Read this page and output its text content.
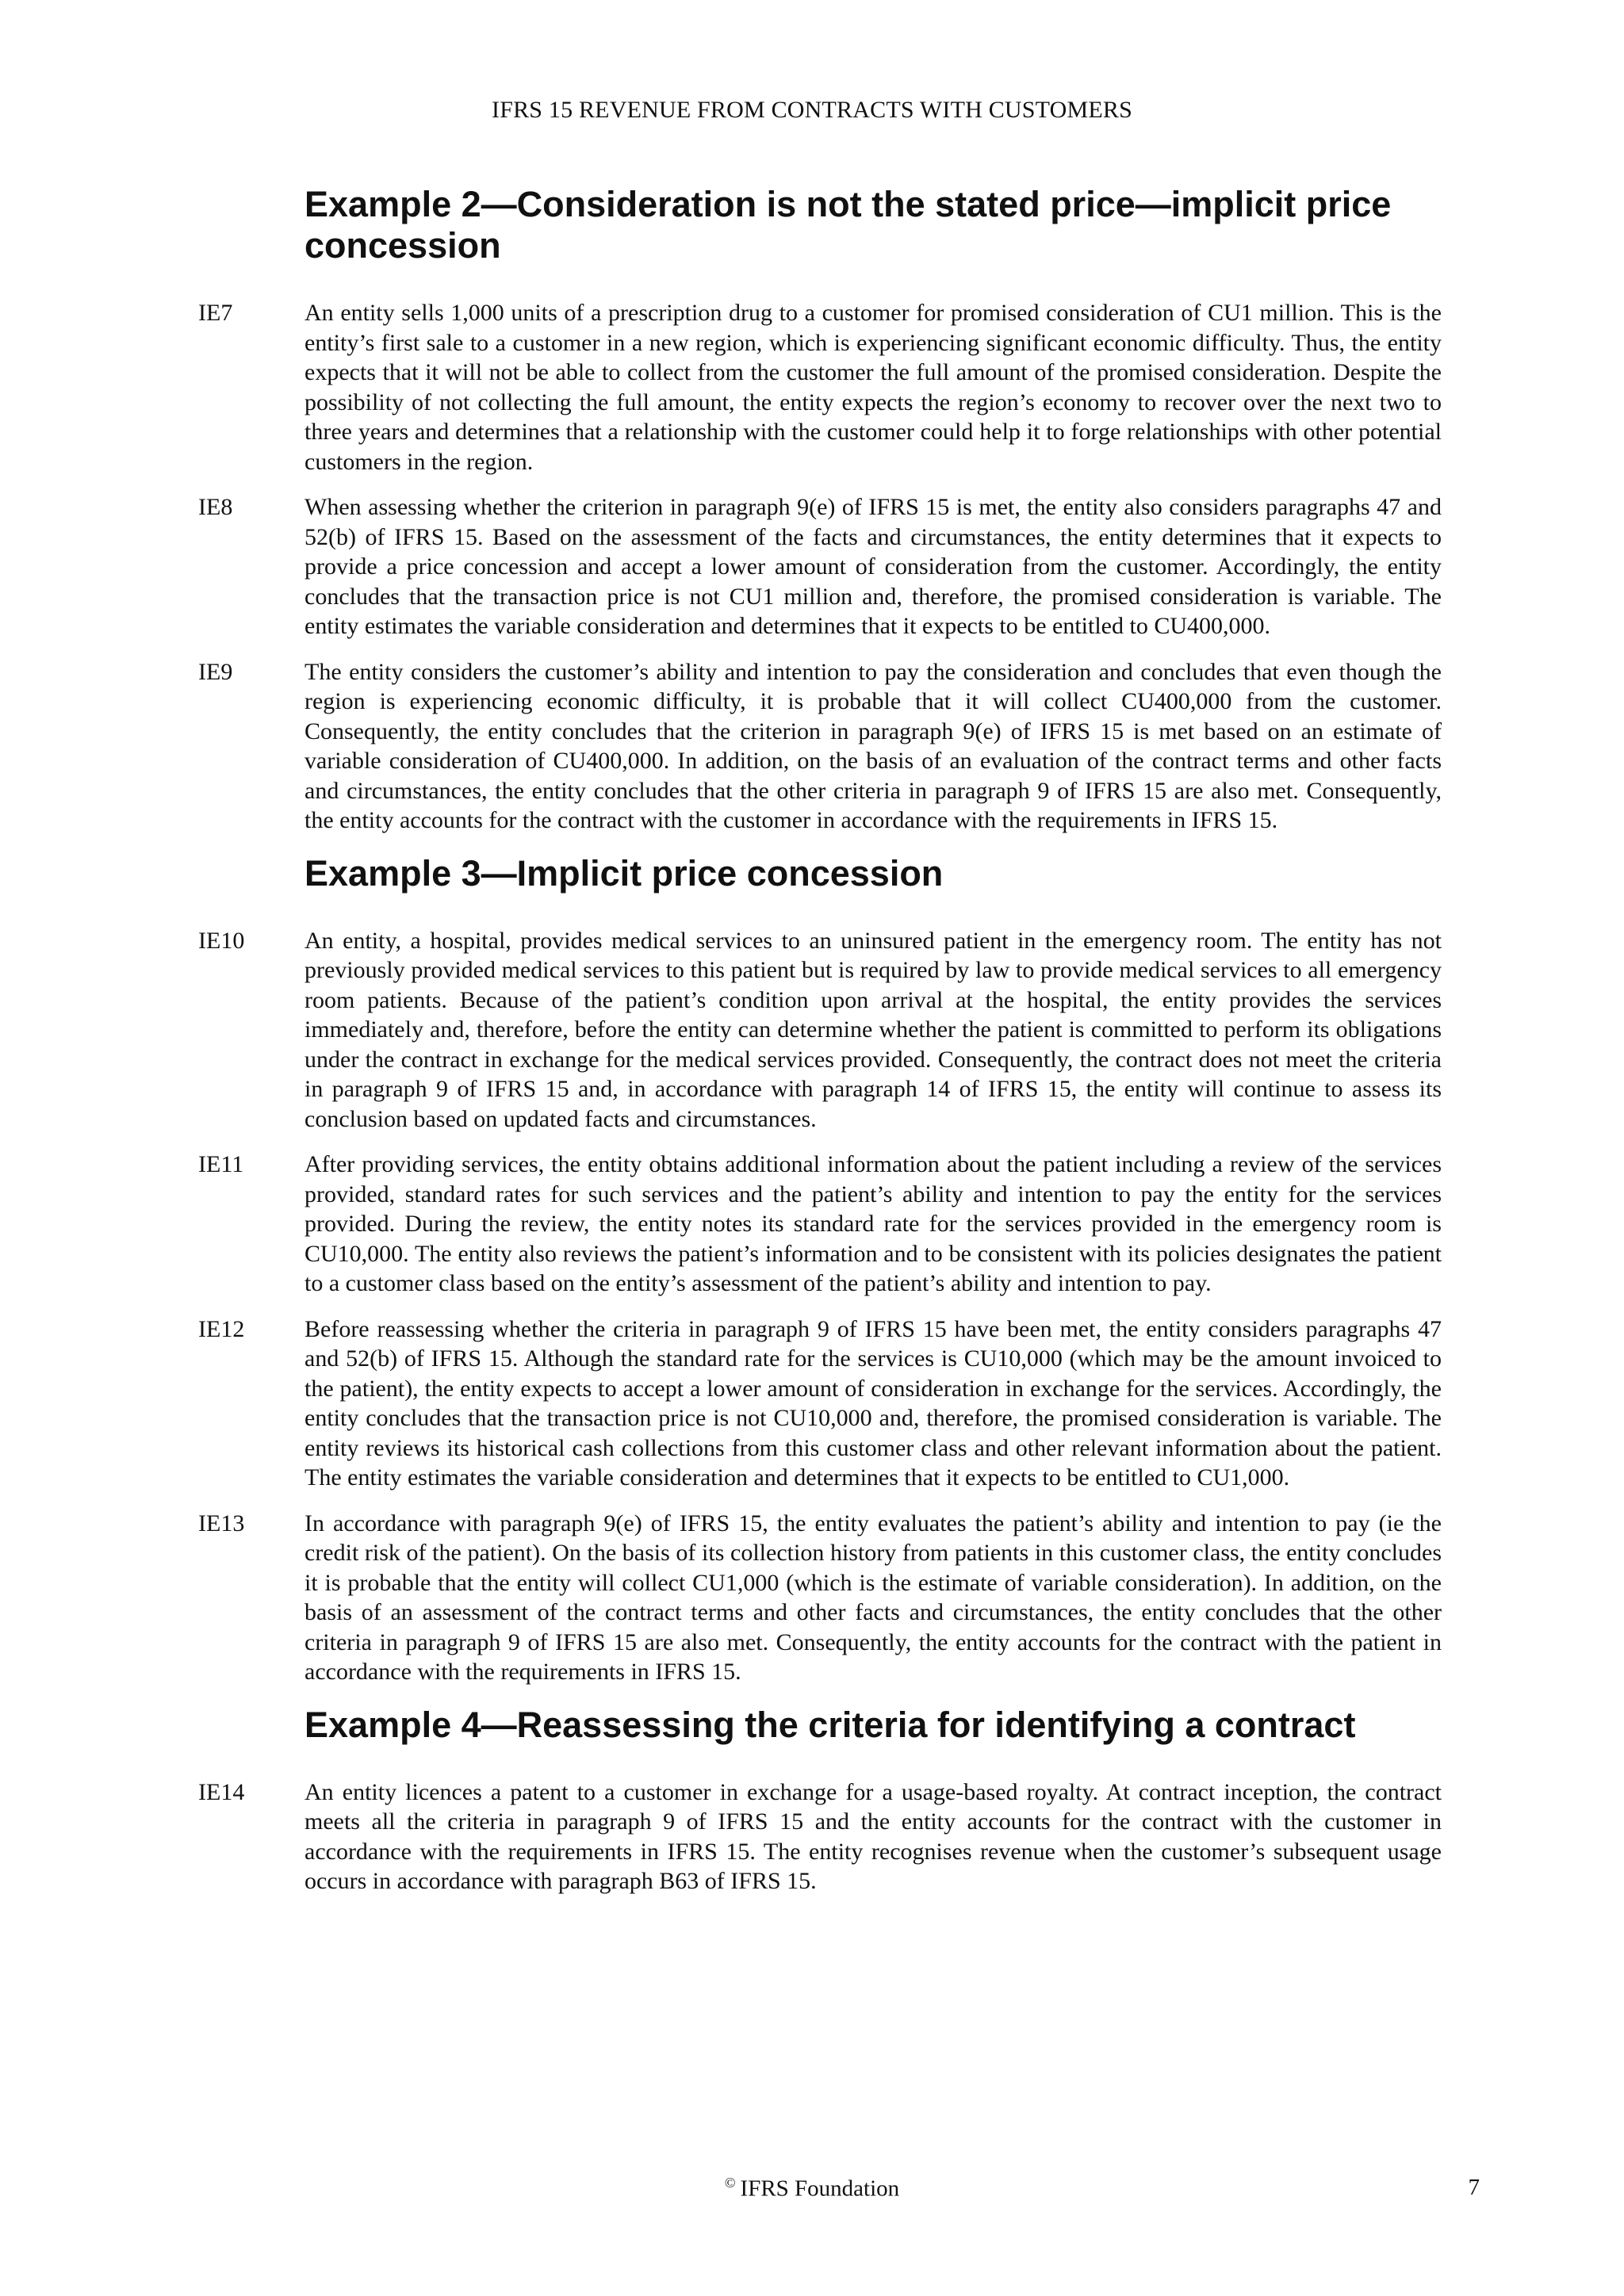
IFRS 15 REVENUE FROM CONTRACTS WITH CUSTOMERS
Example 2—Consideration is not the stated price—implicit price concession
IE7	An entity sells 1,000 units of a prescription drug to a customer for promised consideration of CU1 million. This is the entity’s first sale to a customer in a new region, which is experiencing significant economic difficulty. Thus, the entity expects that it will not be able to collect from the customer the full amount of the promised consideration. Despite the possibility of not collecting the full amount, the entity expects the region’s economy to recover over the next two to three years and determines that a relationship with the customer could help it to forge relationships with other potential customers in the region.

IE8	When assessing whether the criterion in paragraph 9(e) of IFRS 15 is met, the entity also considers paragraphs 47 and 52(b) of IFRS 15. Based on the assessment of the facts and circumstances, the entity determines that it expects to provide a price concession and accept a lower amount of consideration from the customer. Accordingly, the entity concludes that the transaction price is not CU1 million and, therefore, the promised consideration is variable. The entity estimates the variable consideration and determines that it expects to be entitled to CU400,000.

IE9	The entity considers the customer’s ability and intention to pay the consideration and concludes that even though the region is experiencing economic difficulty, it is probable that it will collect CU400,000 from the customer. Consequently, the entity concludes that the criterion in paragraph 9(e) of IFRS 15 is met based on an estimate of variable consideration of CU400,000. In addition, on the basis of an evaluation of the contract terms and other facts and circumstances, the entity concludes that the other criteria in paragraph 9 of IFRS 15 are also met. Consequently, the entity accounts for the contract with the customer in accordance with the requirements in IFRS 15.

Example 3—Implicit price concession
IE10	An entity, a hospital, provides medical services to an uninsured patient in the emergency room. The entity has not previously provided medical services to this patient but is required by law to provide medical services to all emergency room patients. Because of the patient’s condition upon arrival at the hospital, the entity provides the services immediately and, therefore, before the entity can determine whether the patient is committed to perform its obligations under the contract in exchange for the medical services provided. Consequently, the contract does not meet the criteria in paragraph 9 of IFRS 15 and, in accordance with paragraph 14 of IFRS 15, the entity will continue to assess its conclusion based on updated facts and circumstances.

IE11	After providing services, the entity obtains additional information about the patient including a review of the services provided, standard rates for such services and the patient’s ability and intention to pay the entity for the services provided. During the review, the entity notes its standard rate for the services provided in the emergency room is CU10,000. The entity also reviews the patient’s information and to be consistent with its policies designates the patient to a customer class based on the entity’s assessment of the patient’s ability and intention to pay.

IE12	Before reassessing whether the criteria in paragraph 9 of IFRS 15 have been met, the entity considers paragraphs 47 and 52(b) of IFRS 15. Although the standard rate for the services is CU10,000 (which may be the amount invoiced to the patient), the entity expects to accept a lower amount of consideration in exchange for the services. Accordingly, the entity concludes that the transaction price is not CU10,000 and, therefore, the promised consideration is variable. The entity reviews its historical cash collections from this customer class and other relevant information about the patient. The entity estimates the variable consideration and determines that it expects to be entitled to CU1,000.

IE13	In accordance with paragraph 9(e) of IFRS 15, the entity evaluates the patient’s ability and intention to pay (ie the credit risk of the patient). On the basis of its collection history from patients in this customer class, the entity concludes it is probable that the entity will collect CU1,000 (which is the estimate of variable consideration). In addition, on the basis of an assessment of the contract terms and other facts and circumstances, the entity concludes that the other criteria in paragraph 9 of IFRS 15 are also met. Consequently, the entity accounts for the contract with the patient in accordance with the requirements in IFRS 15.

Example 4—Reassessing the criteria for identifying a contract
IE14	An entity licences a patent to a customer in exchange for a usage-based royalty. At contract inception, the contract meets all the criteria in paragraph 9 of IFRS 15 and the entity accounts for the contract with the customer in accordance with the requirements in IFRS 15. The entity recognises revenue when the customer’s subsequent usage occurs in accordance with paragraph B63 of IFRS 15.

© IFRS Foundation	7
